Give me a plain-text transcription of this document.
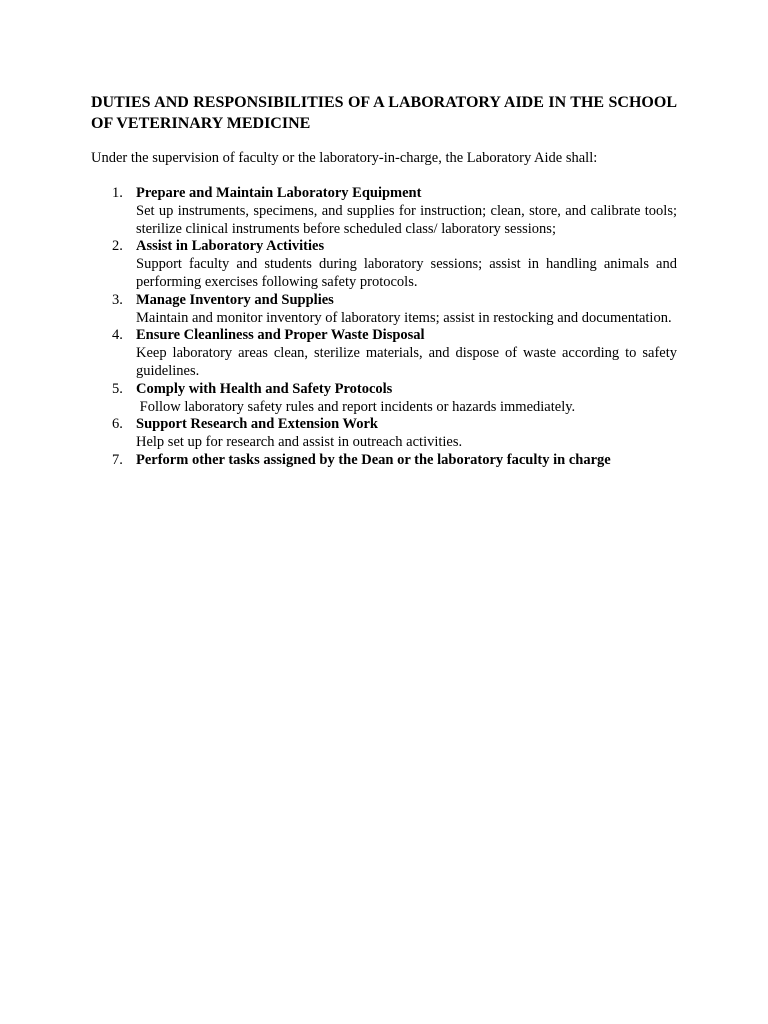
DUTIES AND RESPONSIBILITIES OF A LABORATORY AIDE IN THE SCHOOL OF VETERINARY MEDICINE

Under the supervision of faculty or the laboratory-in-charge, the Laboratory Aide shall:

1. Prepare and Maintain Laboratory Equipment
Set up instruments, specimens, and supplies for instruction; clean, store, and calibrate tools; sterilize clinical instruments before scheduled class/ laboratory sessions;
2. Assist in Laboratory Activities
Support faculty and students during laboratory sessions; assist in handling animals and performing exercises following safety protocols.
3. Manage Inventory and Supplies
Maintain and monitor inventory of laboratory items; assist in restocking and documentation.
4. Ensure Cleanliness and Proper Waste Disposal
Keep laboratory areas clean, sterilize materials, and dispose of waste according to safety guidelines.
5. Comply with Health and Safety Protocols
Follow laboratory safety rules and report incidents or hazards immediately.
6. Support Research and Extension Work
Help set up for research and assist in outreach activities.
7. Perform other tasks assigned by the Dean or the laboratory faculty in charge
